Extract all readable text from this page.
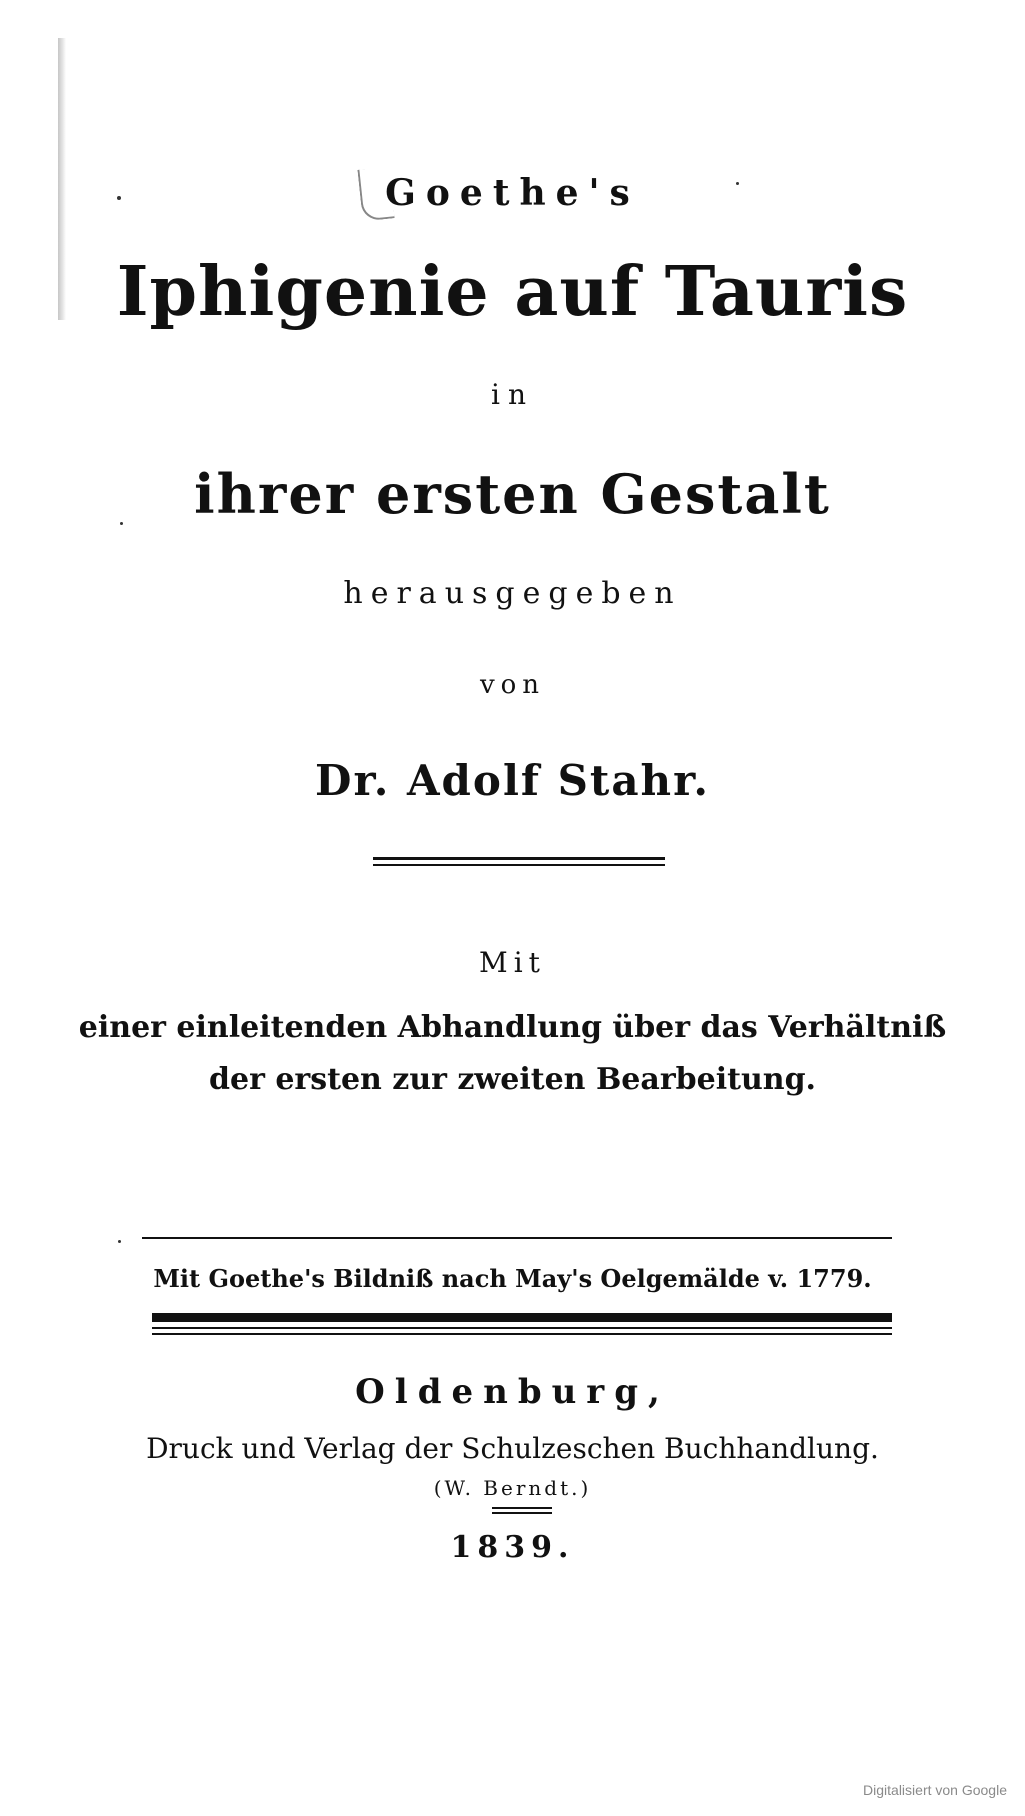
Goethe's
Iphigenie auf Tauris
in
ihrer ersten Gestalt
herausgegeben
von
Dr. Adolf Stahr.
Mit
einer einleitenden Abhandlung über das Verhältniß
der ersten zur zweiten Bearbeitung.
Mit Goethe's Bildniß nach May's Oelgemälde v. 1779.
Oldenburg,
Druck und Verlag der Schulzeschen Buchhandlung.
(W. Berndt.)
1839.
Digitalisiert von Google
